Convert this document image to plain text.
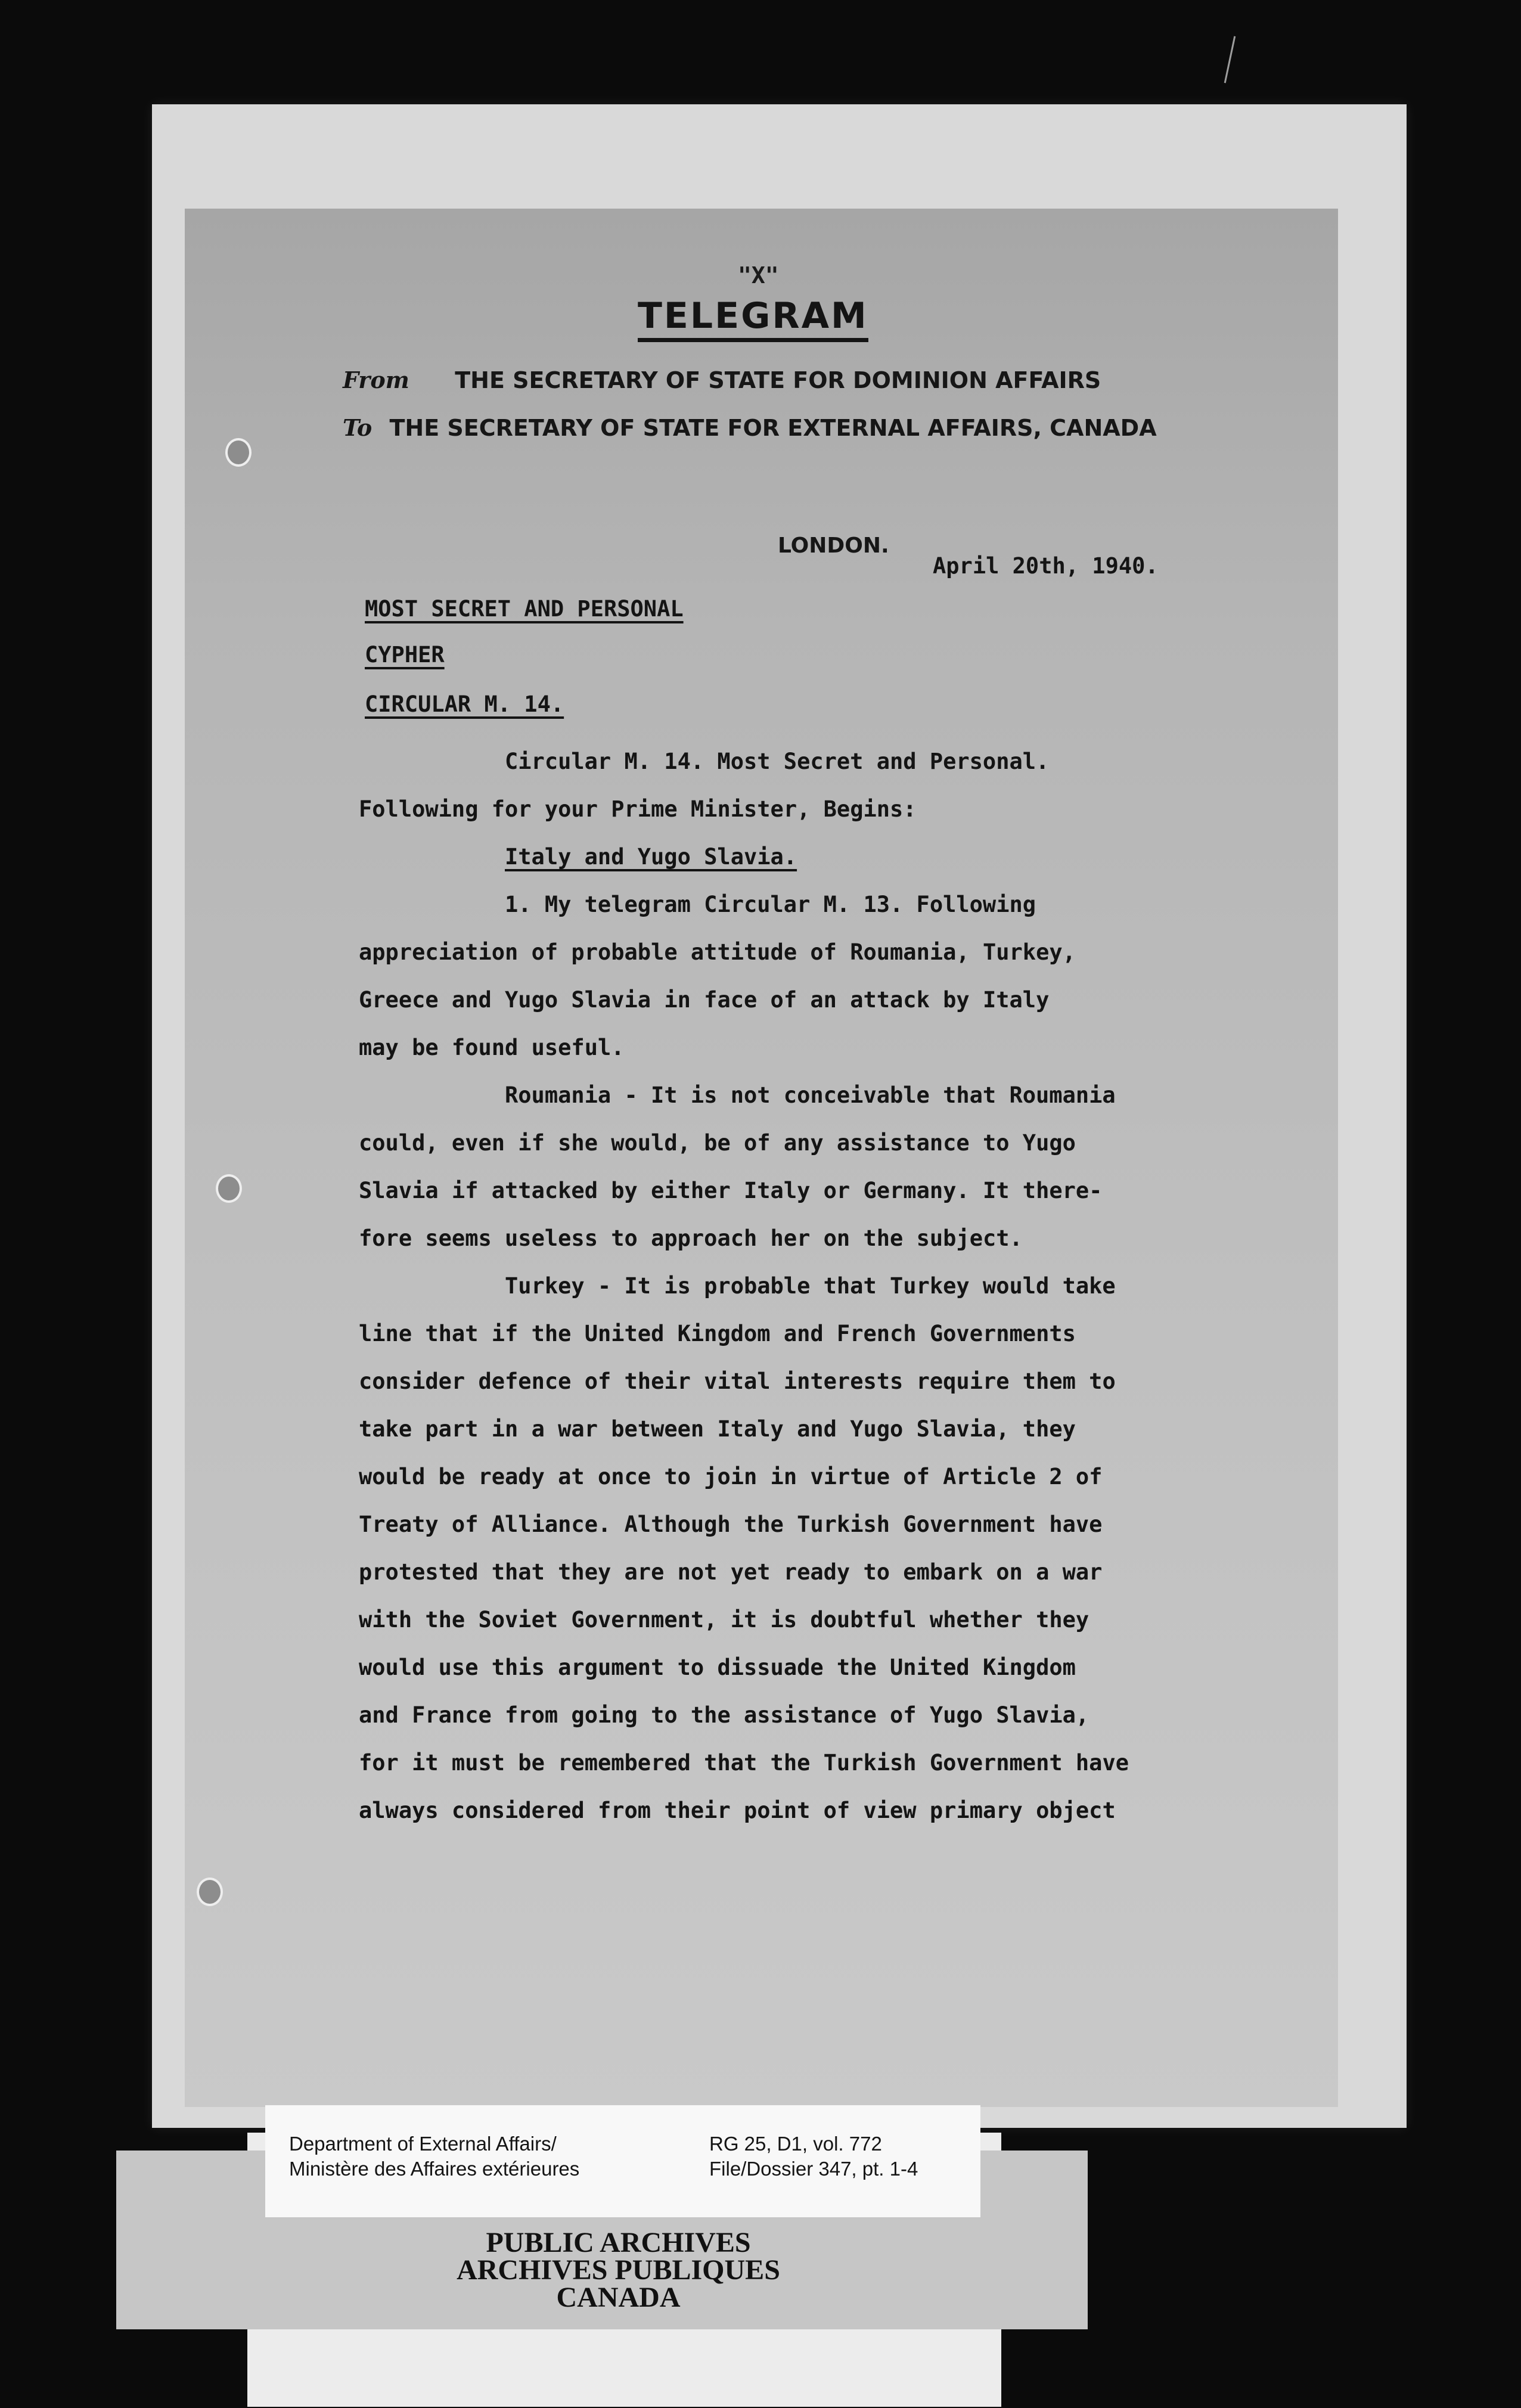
"X"
TELEGRAM
From THE SECRETARY OF STATE FOR DOMINION AFFAIRS
To THE SECRETARY OF STATE FOR EXTERNAL AFFAIRS, CANADA
LONDON.
April 20th, 1940.
MOST SECRET AND PERSONAL
CYPHER
CIRCULAR M. 14.
Circular M. 14. Most Secret and Personal.
Following for your Prime Minister, Begins:
Italy and Yugo Slavia.
1. My telegram Circular M. 13. Following
appreciation of probable attitude of Roumania, Turkey,
Greece and Yugo Slavia in face of an attack by Italy
may be found useful.
Roumania - It is not conceivable that Roumania
could, even if she would, be of any assistance to Yugo
Slavia if attacked by either Italy or Germany. It there-
fore seems useless to approach her on the subject.
Turkey - It is probable that Turkey would take
line that if the United Kingdom and French Governments
consider defence of their vital interests require them to
take part in a war between Italy and Yugo Slavia, they
would be ready at once to join in virtue of Article 2 of
Treaty of Alliance. Although the Turkish Government have
protested that they are not yet ready to embark on a war
with the Soviet Government, it is doubtful whether they
would use this argument to dissuade the United Kingdom
and France from going to the assistance of Yugo Slavia,
for it must be remembered that the Turkish Government have
always considered from their point of view primary object
Department of External Affairs/
Ministère des Affaires extérieures
RG 25, D1, vol. 772
File/Dossier 347, pt. 1-4
PUBLIC ARCHIVES
ARCHIVES PUBLIQUES
CANADA
